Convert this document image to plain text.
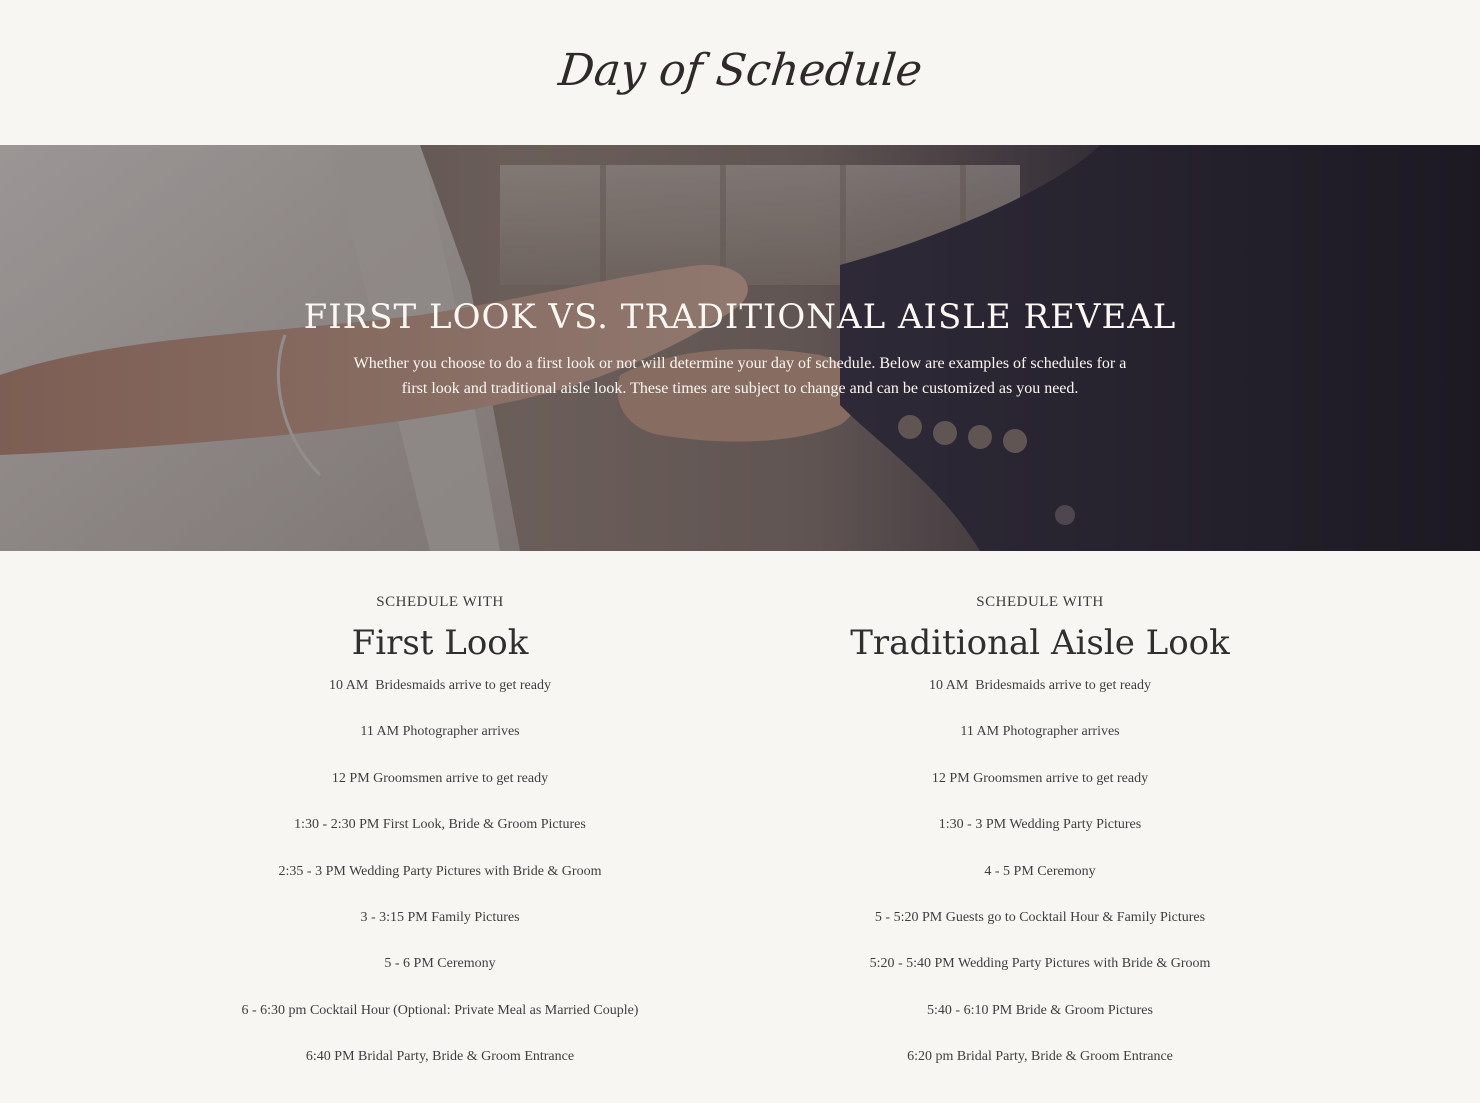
Day of Schedule
FIRST LOOK VS. TRADITIONAL AISLE REVEAL

Whether you choose to do a first look or not will determine your day of schedule. Below are examples of schedules for a first look and traditional aisle look. These times are subject to change and can be customized as you need.

SCHEDULE WITH
First Look
10 AM  Bridesmaids arrive to get ready
11 AM Photographer arrives
12 PM Groomsmen arrive to get ready
1:30 - 2:30 PM First Look, Bride & Groom Pictures
2:35 - 3 PM Wedding Party Pictures with Bride & Groom
3 - 3:15 PM Family Pictures
5 - 6 PM Ceremony
6 - 6:30 pm Cocktail Hour (Optional: Private Meal as Married Couple)
6:40 PM Bridal Party, Bride & Groom Entrance
SCHEDULE WITH
Traditional Aisle Look
10 AM  Bridesmaids arrive to get ready
11 AM Photographer arrives
12 PM Groomsmen arrive to get ready
1:30 - 3 PM Wedding Party Pictures
4 - 5 PM Ceremony
5 - 5:20 PM Guests go to Cocktail Hour & Family Pictures
5:20 - 5:40 PM Wedding Party Pictures with Bride & Groom
5:40 - 6:10 PM Bride & Groom Pictures
6:20 pm Bridal Party, Bride & Groom Entrance
